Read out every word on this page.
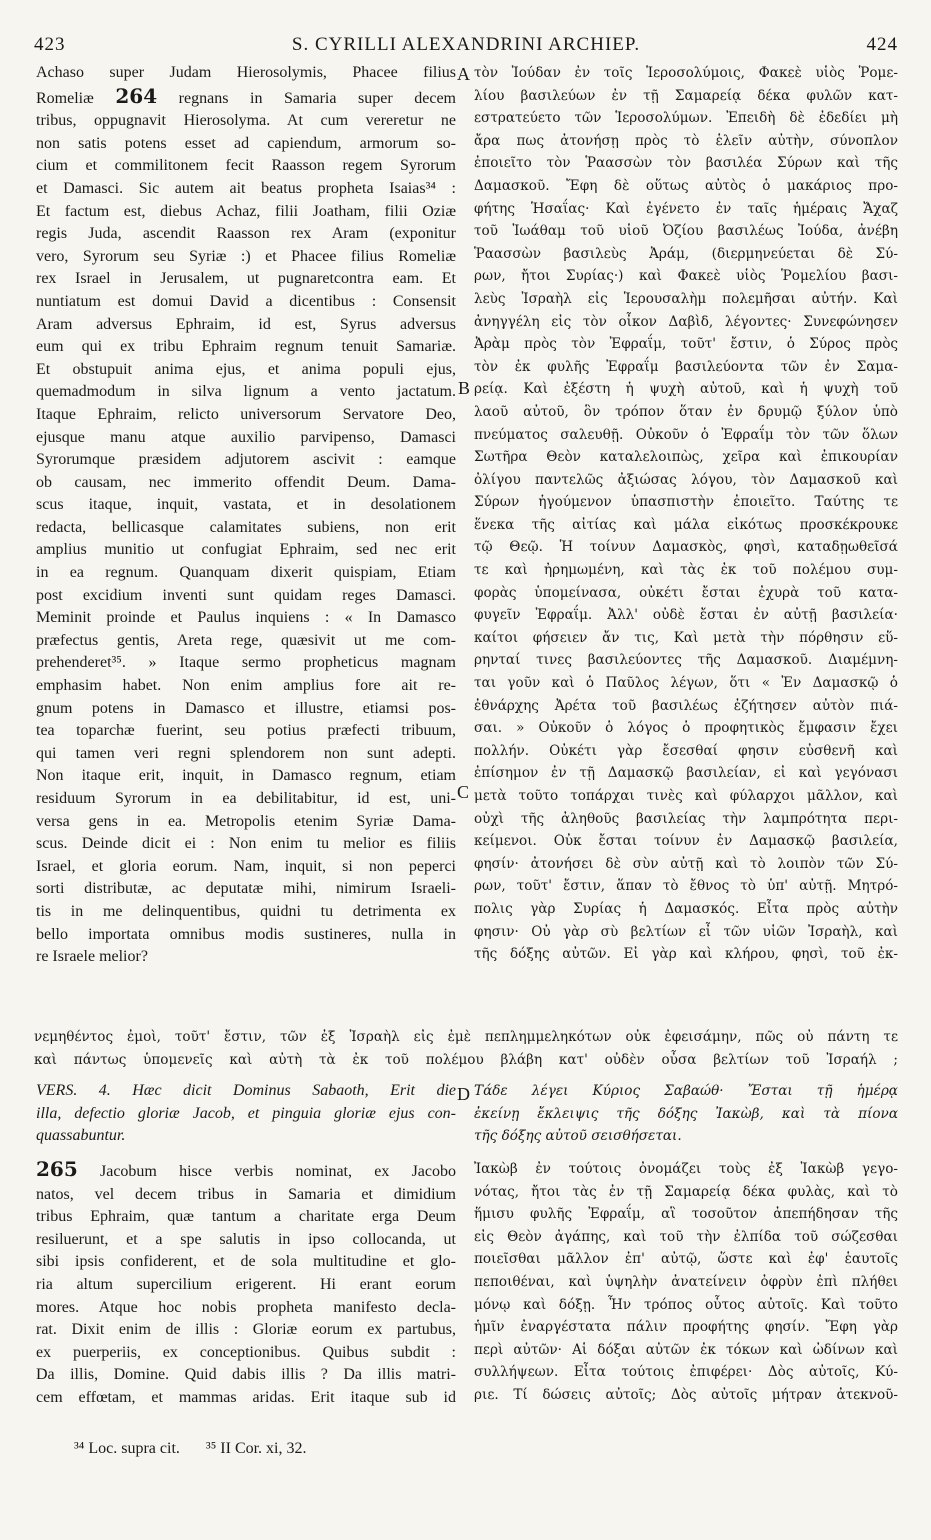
423	S. CYRILLI ALEXANDRINI ARCHIEP.	424

Achaso super Judam Hierosolymis, Phacee filius

Romeliæ 264 regnans in Samaria super decem

tribus, oppugnavit Hierosolyma. At cum vereretur ne

non satis potens esset ad capiendum, armorum so-

cium et commilitonem fecit Raasson regem Syrorum

et Damasci. Sic autem ait beatus propheta Isaias³⁴ :

Et factum est, diebus Achaz, filii Joatham, filii Oziæ

regis Juda, ascendit Raasson rex Aram (exponitur

vero, Syrorum seu Syriæ :) et Phacee filius Romeliæ

rex Israel in Jerusalem, ut pugnaretcontra eam. Et

nuntiatum est domui David a dicentibus : Consensit

Aram adversus Ephraim, id est, Syrus adversus

eum qui ex tribu Ephraim regnum tenuit Samariæ.

Et obstupuit anima ejus, et anima populi ejus,

quemadmodum in silva lignum a vento jactatum.

Itaque Ephraim, relicto universorum Servatore Deo,

ejusque manu atque auxilio parvipenso, Damasci

Syrorumque præsidem adjutorem ascivit : eamque

ob causam, nec immerito offendit Deum. Dama-

scus itaque, inquit, vastata, et in desolationem

redacta, bellicasque calamitates subiens, non erit

amplius munitio ut confugiat Ephraim, sed nec erit

in ea regnum. Quanquam dixerit quispiam, Etiam

post excidium inventi sunt quidam reges Damasci.

Meminit proinde et Paulus inquiens : « In Damasco

præfectus gentis, Areta rege, quæsivit ut me com-

prehenderet³⁵. » Itaque sermo propheticus magnam

emphasim habet. Non enim amplius fore ait re-

gnum potens in Damasco et illustre, etiamsi pos-

tea toparchæ fuerint, seu potius præfecti tribuum,

qui tamen veri regni splendorem non sunt adepti.

Non itaque erit, inquit, in Damasco regnum, etiam

residuum Syrorum in ea debilitabitur, id est, uni-

versa gens in ea. Metropolis etenim Syriæ Dama-

scus. Deinde dicit ei : Non enim tu melior es filiis

Israel, et gloria eorum. Nam, inquit, si non peperci

sorti distributæ, ac deputatæ mihi, nimirum Israeli-

tis in me delinquentibus, quidni tu detrimenta ex

bello importata omnibus modis sustineres, nulla in

re Israele melior?

τὸν Ἰούδαν ἐν τοῖς Ἱεροσολύμοις, Φακεὲ υἱὸς Ῥομε-

λίου βασιλεύων ἐν τῇ Σαμαρείᾳ δέκα φυλῶν κατ-

εστρατεύετο τῶν Ἱεροσολύμων. Ἐπειδὴ δὲ ἐδεδίει μὴ

ἄρα πως ἀτονήσῃ πρὸς τὸ ἑλεῖν αὐτὴν, σύνοπλον

ἐποιεῖτο τὸν Ῥαασσὼν τὸν βασιλέα Σύρων καὶ τῆς

Δαμασκοῦ. Ἔφη δὲ οὕτως αὐτὸς ὁ μακάριος προ-

φήτης Ἡσαΐας· Καὶ ἐγένετο ἐν ταῖς ἡμέραις Ἄχαζ

τοῦ Ἰωάθαμ τοῦ υἱοῦ Ὀζίου βασιλέως Ἰούδα, ἀνέβη

Ῥαασσὼν βασιλεὺς Ἀράμ, (διερμηνεύεται δὲ Σύ-

ρων, ἤτοι Συρίας·) καὶ Φακεὲ υἱὸς Ῥομελίου βασι-

λεὺς Ἰσραὴλ εἰς Ἱερουσαλὴμ πολεμῆσαι αὐτήν. Καὶ

ἀνηγγέλη εἰς τὸν οἶκον Δαβὶδ, λέγοντες· Συνεφώνησεν

Ἀρὰμ πρὸς τὸν Ἐφραΐμ, τοῦτ' ἔστιν, ὁ Σύρος πρὸς

τὸν ἐκ φυλῆς Ἐφραΐμ βασιλεύοντα τῶν ἐν Σαμα-

ρείᾳ. Καὶ ἐξέστη ἡ ψυχὴ αὐτοῦ, καὶ ἡ ψυχὴ τοῦ

λαοῦ αὐτοῦ, ὃν τρόπον ὅταν ἐν δρυμῷ ξύλον ὑπὸ

πνεύματος σαλευθῇ. Οὐκοῦν ὁ Ἐφραΐμ τὸν τῶν ὅλων

Σωτῆρα Θεὸν καταλελοιπὼς, χεῖρα καὶ ἐπικουρίαν

ὀλίγου παντελῶς ἀξιώσας λόγου, τὸν Δαμασκοῦ καὶ

Σύρων ἡγούμενον ὑπασπιστὴν ἐποιεῖτο. Ταύτης τε

ἕνεκα τῆς αἰτίας καὶ μάλα εἰκότως προσκέκρουκε

τῷ Θεῷ. Ἡ τοίνυν Δαμασκὸς, φησὶ, καταδῃωθεῖσά

τε καὶ ἠρημωμένη, καὶ τὰς ἐκ τοῦ πολέμου συμ-

φορὰς ὑπομείνασα, οὐκέτι ἔσται ἐχυρὰ τοῦ κατα-

φυγεῖν Ἐφραΐμ. Ἀλλ' οὐδὲ ἔσται ἐν αὐτῇ βασιλεία·

καίτοι φήσειεν ἄν τις, Καὶ μετὰ τὴν πόρθησιν εὕ-

ρηνταί τινες βασιλεύοντες τῆς Δαμασκοῦ. Διαμέμνη-

ται γοῦν καὶ ὁ Παῦλος λέγων, ὅτι « Ἐν Δαμασκῷ ὁ

ἐθνάρχης Ἀρέτα τοῦ βασιλέως ἐζήτησεν αὐτὸν πιά-

σαι. » Οὐκοῦν ὁ λόγος ὁ προφητικὸς ἔμφασιν ἔχει

πολλήν. Οὐκέτι γὰρ ἔσεσθαί φησιν εὐσθενῆ καὶ

ἐπίσημον ἐν τῇ Δαμασκῷ βασιλείαν, εἰ καὶ γεγόνασι

μετὰ τοῦτο τοπάρχαι τινὲς καὶ φύλαρχοι μᾶλλον, καὶ

οὐχὶ τῆς ἀληθοῦς βασιλείας τὴν λαμπρότητα περι-

κείμενοι. Οὐκ ἔσται τοίνυν ἐν Δαμασκῷ βασιλεία,

φησίν· ἀτονήσει δὲ σὺν αὐτῇ καὶ τὸ λοιπὸν τῶν Σύ-

ρων, τοῦτ' ἔστιν, ἅπαν τὸ ἔθνος τὸ ὑπ' αὐτῇ. Μητρό-

πολις γὰρ Συρίας ἡ Δαμασκός. Εἶτα πρὸς αὐτὴν

φησιν· Οὐ γὰρ σὺ βελτίων εἶ τῶν υἱῶν Ἰσραὴλ, καὶ

τῆς δόξης αὐτῶν. Εἰ γὰρ καὶ κλήρου, φησὶ, τοῦ ἐκ-

A
B
C
D
νεμηθέντος ἐμοὶ, τοῦτ' ἔστιν, τῶν ἐξ Ἰσραὴλ εἰς ἐμὲ πεπλημμεληκότων οὐκ ἐφεισάμην, πῶς οὐ πάντη τε
καὶ πάντως ὑπομενεῖς καὶ αὐτὴ τὰ ἐκ τοῦ πολέμου βλάβη κατ' οὐδὲν οὖσα βελτίων τοῦ Ἰσραήλ ;

VERS. 4. Hæc dicit Dominus Sabaoth, Erit die

illa, defectio gloriæ Jacob, et pinguia gloriæ ejus con-

quassabuntur.

Τάδε λέγει Κύριος Σαβαώθ· Ἔσται τῇ ἡμέρᾳ

ἐκείνῃ ἔκλειψις τῆς δόξης Ἰακὼβ, καὶ τὰ πίονα

τῆς δόξης αὐτοῦ σεισθήσεται.

265 Jacobum hisce verbis nominat, ex Jacobo

natos, vel decem tribus in Samaria et dimidium

tribus Ephraim, quæ tantum a charitate erga Deum

resiluerunt, et a spe salutis in ipso collocanda, ut

sibi ipsis confiderent, et de sola multitudine et glo-

ria altum supercilium erigerent. Hi erant eorum

mores. Atque hoc nobis propheta manifesto decla-

rat. Dixit enim de illis : Gloriæ eorum ex partubus,

ex puerperiis, ex conceptionibus. Quibus subdit :

Da illis, Domine. Quid dabis illis ? Da illis matri-

cem effœtam, et mammas aridas. Erit itaque sub id

Ἰακὼβ ἐν τούτοις ὀνομάζει τοὺς ἐξ Ἰακὼβ γεγο-

νότας, ἤτοι τὰς ἐν τῇ Σαμαρείᾳ δέκα φυλὰς, καὶ τὸ

ἥμισυ φυλῆς Ἐφραΐμ, αἳ τοσοῦτον ἀπεπήδησαν τῆς

εἰς Θεὸν ἀγάπης, καὶ τοῦ τὴν ἐλπίδα τοῦ σώζεσθαι

ποιεῖσθαι μᾶλλον ἐπ' αὐτῷ, ὥστε καὶ ἐφ' ἑαυτοῖς

πεποιθέναι, καὶ ὑψηλὴν ἀνατείνειν ὀφρὺν ἐπὶ πλήθει

μόνῳ καὶ δόξῃ. Ἦν τρόπος οὗτος αὐτοῖς. Καὶ τοῦτο

ἡμῖν ἐναργέστατα πάλιν προφήτης φησίν. Ἔφη γὰρ

περὶ αὐτῶν· Αἱ δόξαι αὐτῶν ἐκ τόκων καὶ ὠδίνων καὶ

συλλήψεων. Εἶτα τούτοις ἐπιφέρει· Δὸς αὐτοῖς, Κύ-

ριε. Τί δώσεις αὐτοῖς; Δὸς αὐτοῖς μήτραν ἀτεκνοῦ-

³⁴ Loc. supra cit. ³⁵ II Cor. xi, 32.
